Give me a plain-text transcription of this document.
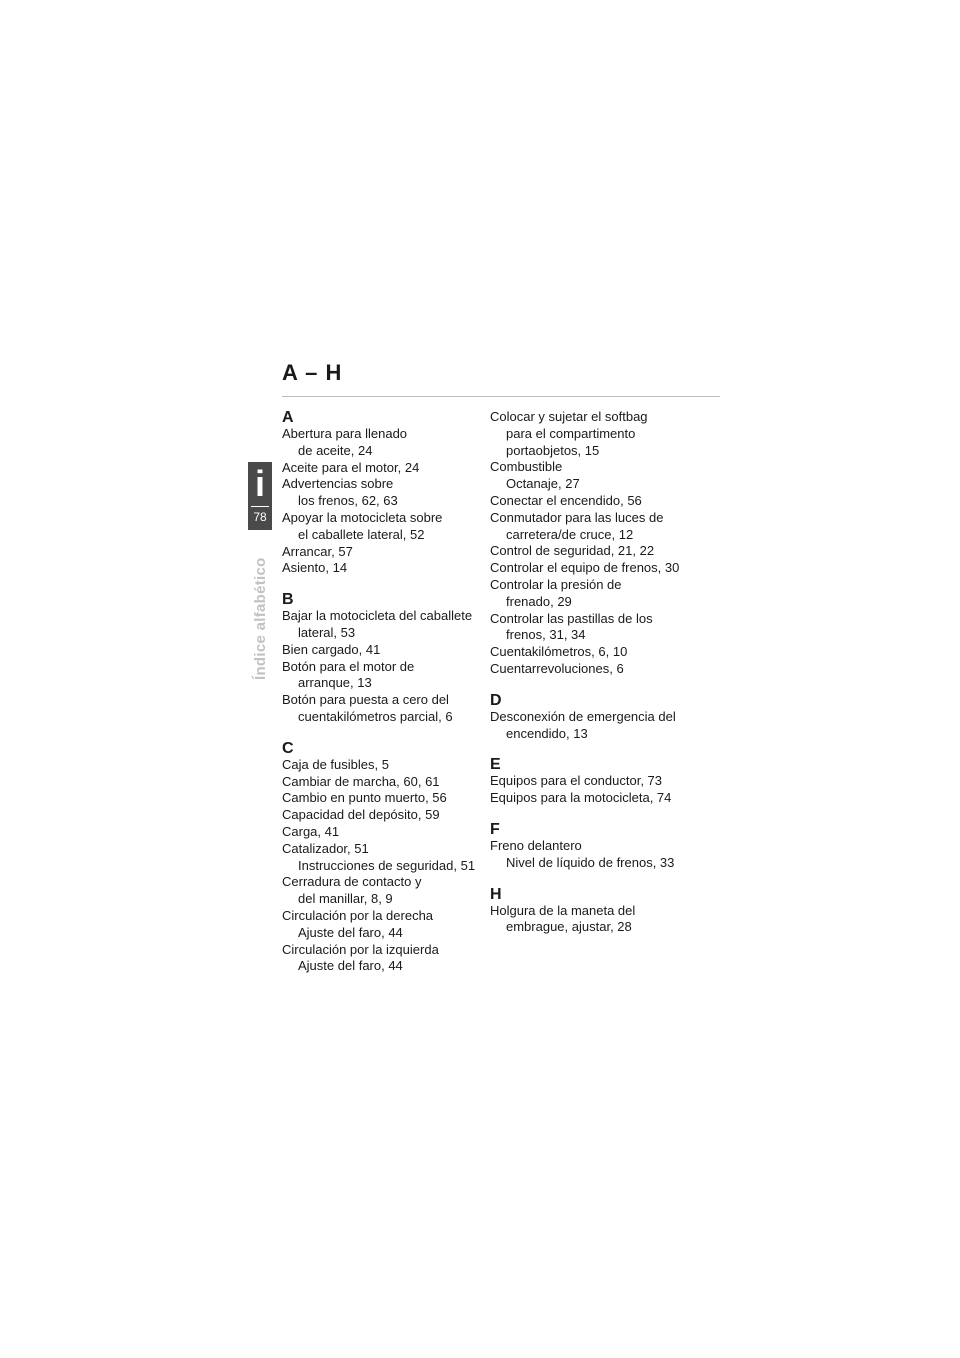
A – H
i
78
Índice alfabético
A
Abertura para llenado
de aceite, 24
Aceite para el motor, 24
Advertencias sobre
los frenos, 62, 63
Apoyar la motocicleta sobre
el caballete lateral, 52
Arrancar, 57
Asiento, 14
B
Bajar la motocicleta del caballete
lateral, 53
Bien cargado, 41
Botón para el motor de
arranque, 13
Botón para puesta a cero del
cuentakilómetros parcial, 6
C
Caja de fusibles, 5
Cambiar de marcha, 60, 61
Cambio en punto muerto, 56
Capacidad del depósito, 59
Carga, 41
Catalizador, 51
Instrucciones de seguridad, 51
Cerradura de contacto y
del manillar, 8, 9
Circulación por la derecha
Ajuste del faro, 44
Circulación por la izquierda
Ajuste del faro, 44
Colocar y sujetar el softbag
para el compartimento
portaobjetos, 15
Combustible
Octanaje, 27
Conectar el encendido, 56
Conmutador para las luces de
carretera/de cruce, 12
Control de seguridad, 21, 22
Controlar el equipo de frenos, 30
Controlar la presión de
frenado, 29
Controlar las pastillas de los
frenos, 31, 34
Cuentakilómetros, 6, 10
Cuentarrevoluciones, 6
D
Desconexión de emergencia del
encendido, 13
E
Equipos para el conductor, 73
Equipos para la motocicleta, 74
F
Freno delantero
Nivel de líquido de frenos, 33
H
Holgura de la maneta del
embrague, ajustar, 28
